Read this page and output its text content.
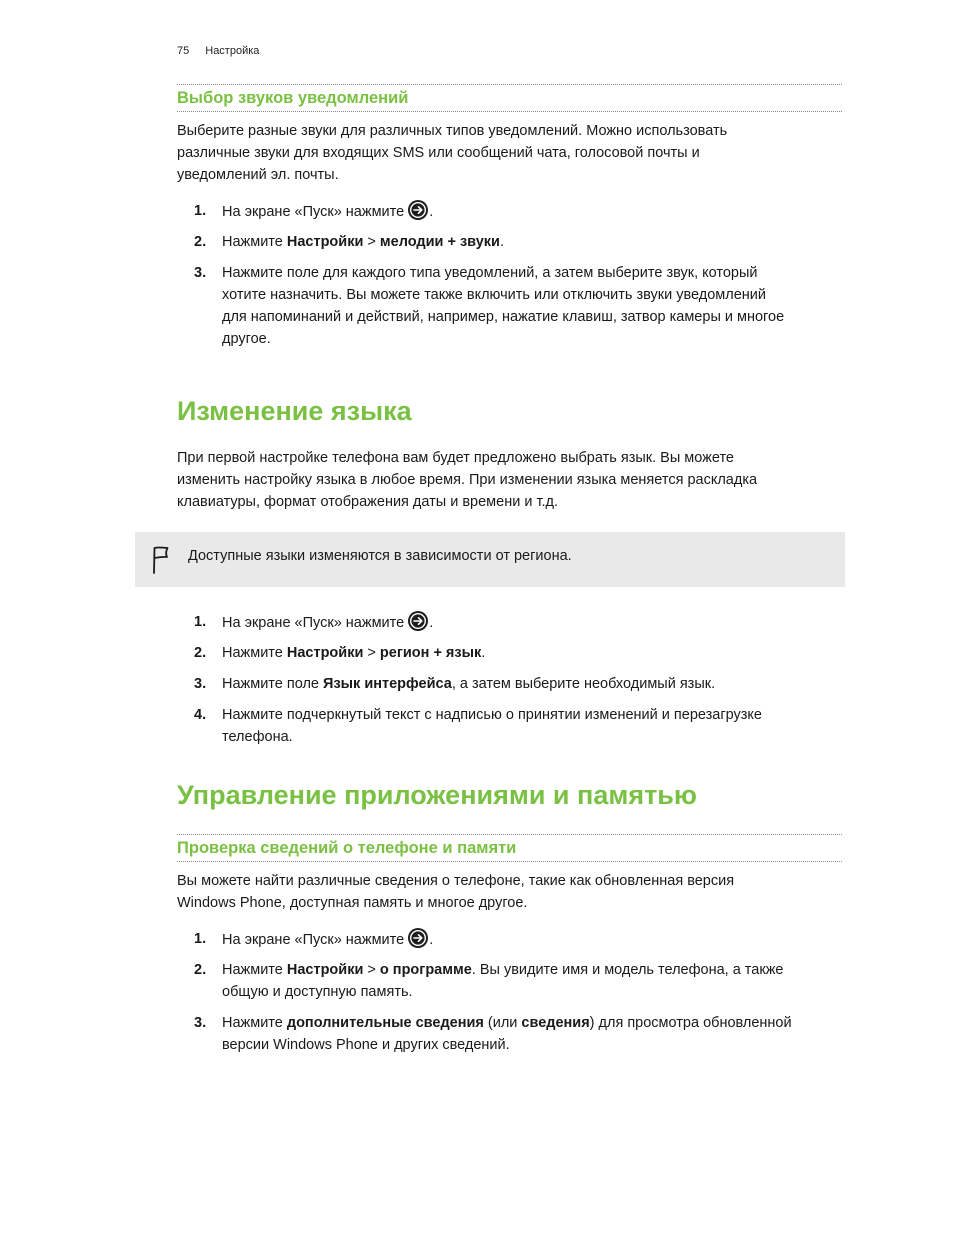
75 Настройка
Выбор звуков уведомлений
Выберите разные звуки для различных типов уведомлений. Можно использовать
различные звуки для входящих SMS или сообщений чата, голосовой почты и
уведомлений эл. почты.
1. На экране «Пуск» нажмите .
2. Нажмите Настройки > мелодии + звуки.
3. Нажмите поле для каждого типа уведомлений, а затем выберите звук, который
хотите назначить. Вы можете также включить или отключить звуки уведомлений
для напоминаний и действий, например, нажатие клавиш, затвор камеры и многое
другое.
Изменение языка
При первой настройке телефона вам будет предложено выбрать язык. Вы можете
изменить настройку языка в любое время. При изменении языка меняется раскладка
клавиатуры, формат отображения даты и времени и т.д.
Доступные языки изменяются в зависимости от региона.
1. На экране «Пуск» нажмите .
2. Нажмите Настройки > регион + язык.
3. Нажмите поле Язык интерфейса, а затем выберите необходимый язык.
4. Нажмите подчеркнутый текст с надписью о принятии изменений и перезагрузке
телефона.
Управление приложениями и памятью
Проверка сведений о телефоне и памяти
Вы можете найти различные сведения о телефоне, такие как обновленная версия
Windows Phone, доступная память и многое другое.
1. На экране «Пуск» нажмите .
2. Нажмите Настройки > о программе. Вы увидите имя и модель телефона, а также
общую и доступную память.
3. Нажмите дополнительные сведения (или сведения) для просмотра обновленной
версии Windows Phone и других сведений.
